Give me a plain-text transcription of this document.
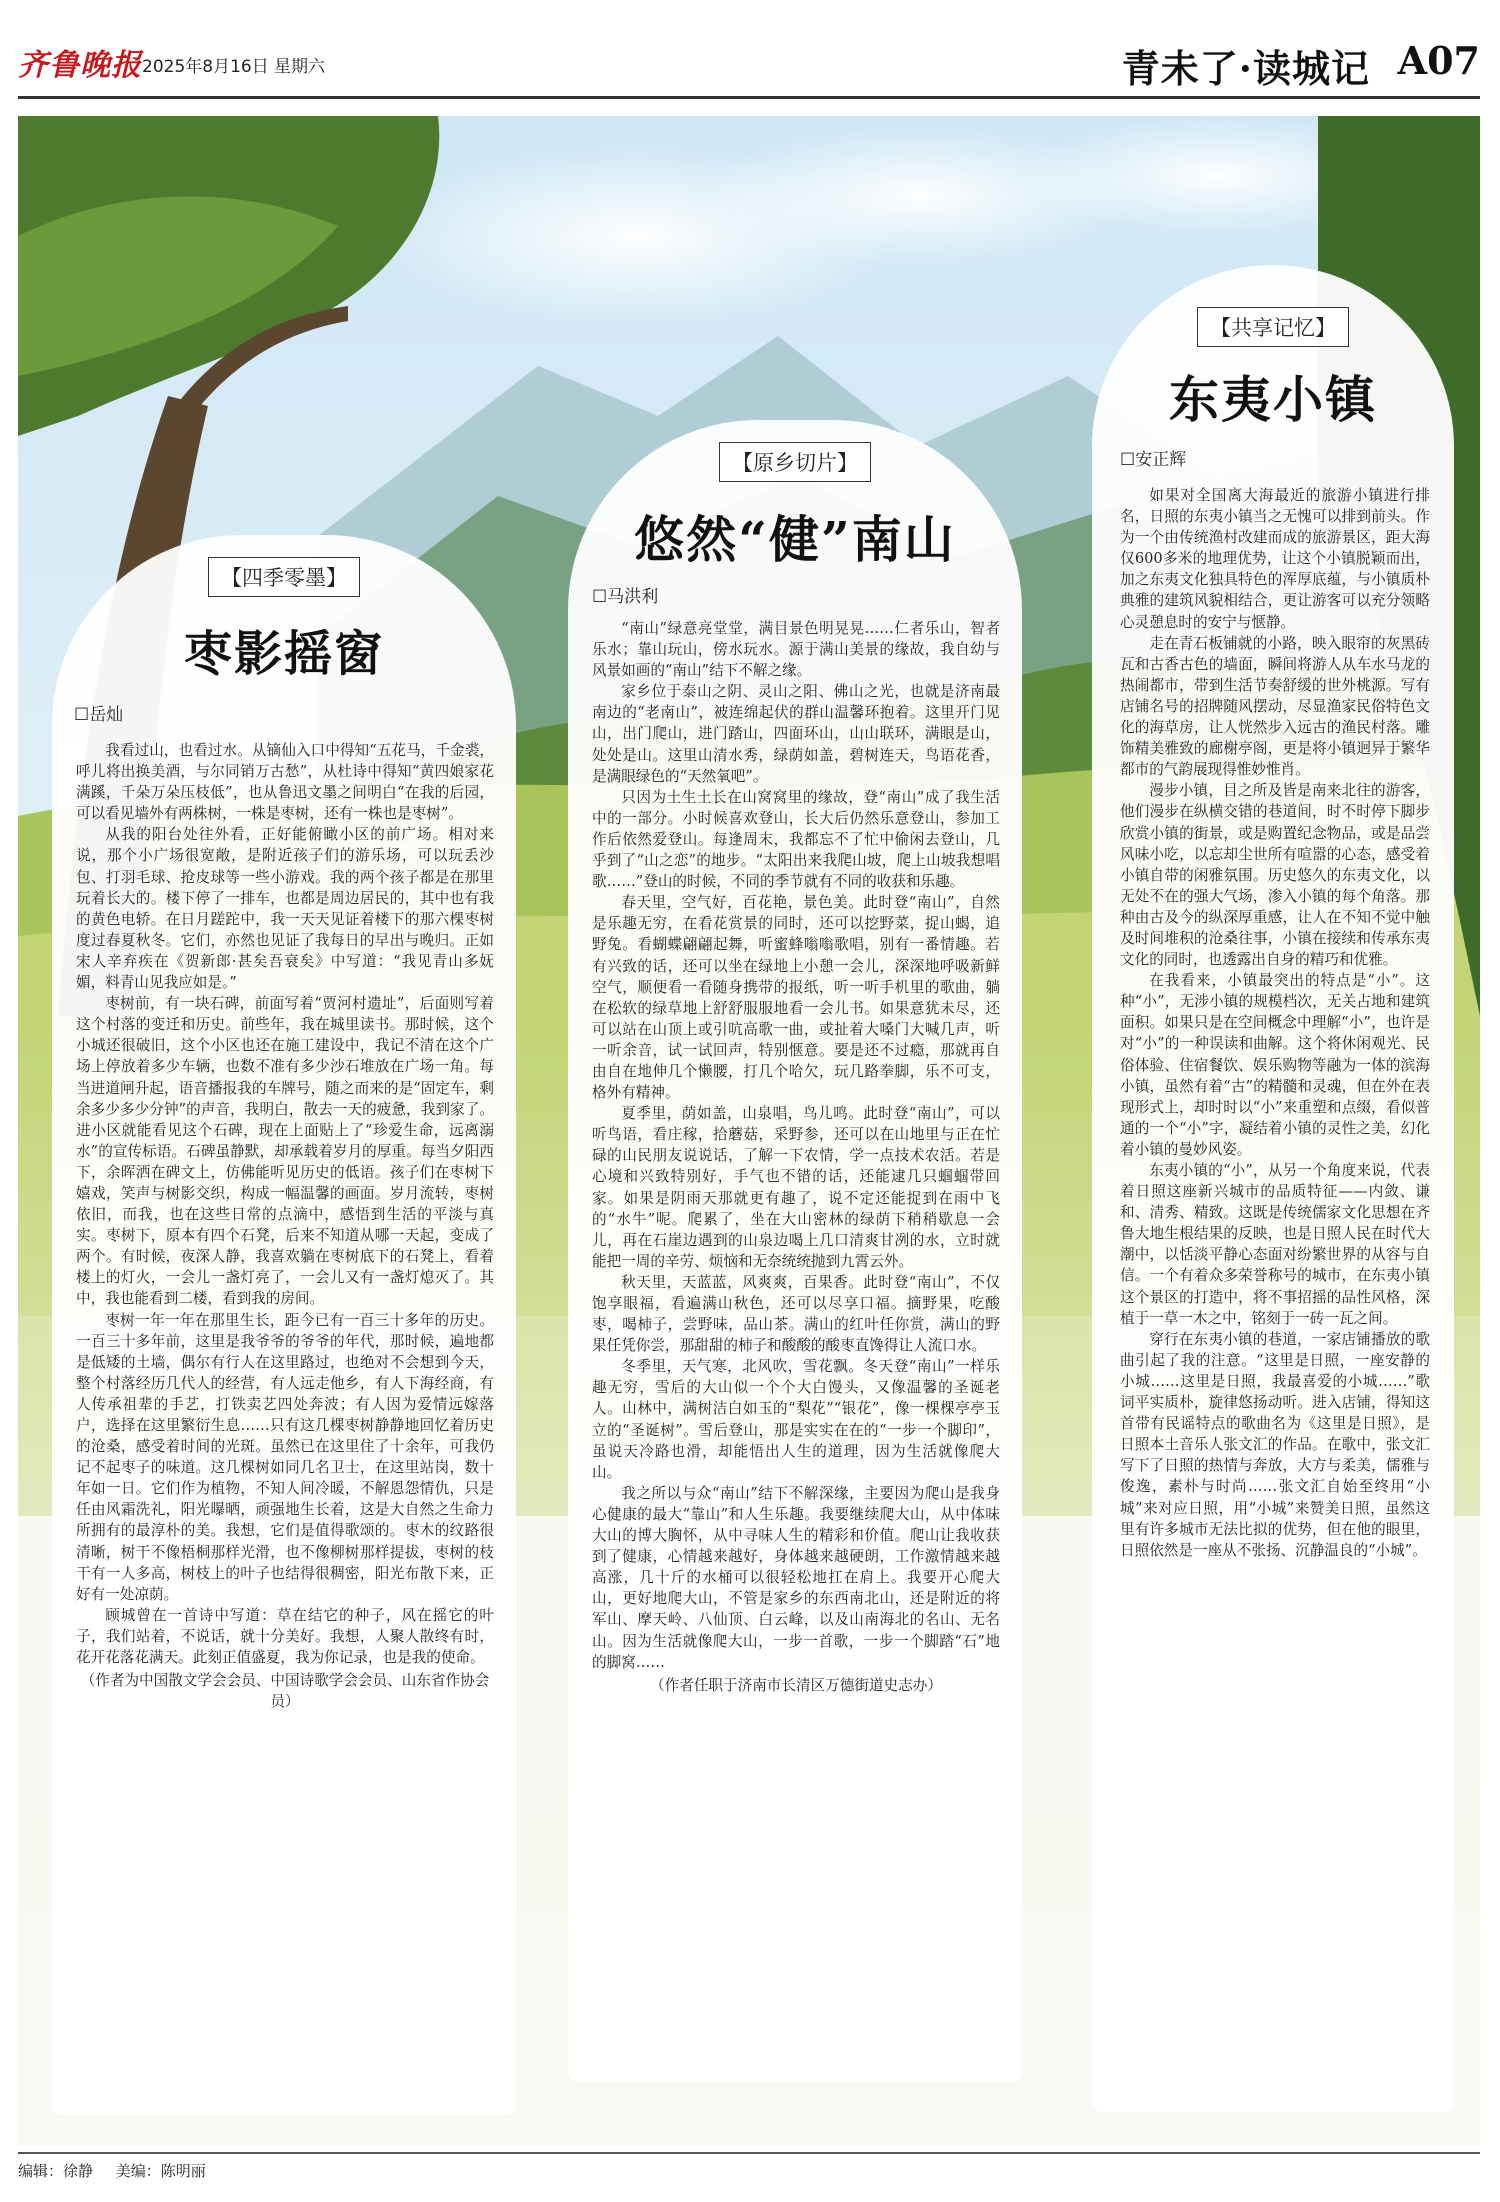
齐鲁晚报 2025年8月16日 星期六	青未了·读城记 A07
【四季零墨】
枣影摇窗
☐岳灿

我看过山，也看过水。从镝仙入口中得知“五花马，千金裘，呼儿将出换美酒，与尔同销万古愁”，从杜诗中得知“黄四娘家花满蹊，千朵万朵压枝低”，也从鲁迅文墨之间明白“在我的后园，可以看见墙外有两株树，一株是枣树，还有一株也是枣树”。

从我的阳台处往外看，正好能俯瞰小区的前广场。相对来说，那个小广场很宽敞，是附近孩子们的游乐场，可以玩丢沙包、打羽毛球、抢皮球等一些小游戏。我的两个孩子都是在那里玩着长大的。楼下停了一排车，也都是周边居民的，其中也有我的黄色电轿。在日月蹉跎中，我一天天见证着楼下的那六棵枣树度过春夏秋冬。它们，亦然也见证了我每日的早出与晚归。正如宋人辛弃疾在《贺新郎·甚矣吾衰矣》中写道：“我见青山多妩媚，料青山见我应如是。”

枣树前，有一块石碑，前面写着“贾河村遗址”，后面则写着这个村落的变迁和历史。前些年，我在城里读书。那时候，这个小城还很破旧，这个小区也还在施工建设中，我记不清在这个广场上停放着多少车辆，也数不准有多少沙石堆放在广场一角。每当进道闸升起，语音播报我的车牌号，随之而来的是“固定车，剩余多少多少分钟”的声音，我明白，散去一天的疲惫，我到家了。进小区就能看见这个石碑，现在上面贴上了“珍爱生命，远离溺水”的宣传标语。石碑虽静默，却承载着岁月的厚重。每当夕阳西下，余晖洒在碑文上，仿佛能听见历史的低语。孩子们在枣树下嬉戏，笑声与树影交织，构成一幅温馨的画面。岁月流转，枣树依旧，而我，也在这些日常的点滴中，感悟到生活的平淡与真实。枣树下，原本有四个石凳，后来不知道从哪一天起，变成了两个。有时候，夜深人静，我喜欢躺在枣树底下的石凳上，看着楼上的灯火，一会儿一盏灯亮了，一会儿又有一盏灯熄灭了。其中，我也能看到二楼，看到我的房间。

枣树一年一年在那里生长，距今已有一百三十多年的历史。一百三十多年前，这里是我爷爷的爷爷的年代，那时候，遍地都是低矮的土墙，偶尔有行人在这里路过，也绝对不会想到今天，整个村落经历几代人的经营，有人远走他乡，有人下海经商，有人传承祖辈的手艺，打铁卖艺四处奔波；有人因为爱情远嫁落户，选择在这里繁衍生息……只有这几棵枣树静静地回忆着历史的沧桑，感受着时间的光斑。虽然已在这里住了十余年，可我仍记不起枣子的味道。这几棵树如同几名卫士，在这里站岗，数十年如一日。它们作为植物，不知人间冷暖，不解恩怨情仇，只是任由风霜洗礼，阳光曝晒，顽强地生长着，这是大自然之生命力所拥有的最淳朴的美。我想，它们是值得歌颂的。枣木的纹路很清晰，树干不像梧桐那样光滑，也不像柳树那样提拔，枣树的枝干有一人多高，树枝上的叶子也结得很稠密，阳光布散下来，正好有一处凉荫。

顾城曾在一首诗中写道：草在结它的种子，风在摇它的叶子，我们站着，不说话，就十分美好。我想，人聚人散终有时，花开花落花满天。此刻正值盛夏，我为你记录，也是我的使命。

（作者为中国散文学会会员、中国诗歌学会会员、山东省作协会员）
【原乡切片】
悠然“健”南山
☐马洪利

“南山”绿意亮堂堂，满目景色明晃晃……仁者乐山，智者乐水；靠山玩山，傍水玩水。源于满山美景的缘故，我自幼与风景如画的“南山”结下不解之缘。

家乡位于泰山之阴、灵山之阳、佛山之光，也就是济南最南边的“老南山”，被连绵起伏的群山温馨环抱着。这里开门见山，出门爬山，进门踏山，四面环山，山山联环，满眼是山，处处是山。这里山清水秀，绿荫如盖，碧树连天，鸟语花香，是满眼绿色的“天然氧吧”。

只因为土生土长在山窝窝里的缘故，登“南山”成了我生活中的一部分。小时候喜欢登山，长大后仍然乐意登山，参加工作后依然爱登山。每逢周末，我都忘不了忙中偷闲去登山，几乎到了“山之恋”的地步。“太阳出来我爬山坡，爬上山坡我想唱歌……”登山的时候，不同的季节就有不同的收获和乐趣。

春天里，空气好，百花艳，景色美。此时登“南山”，自然是乐趣无穷，在看花赏景的同时，还可以挖野菜，捉山蝎，追野兔。看蝴蝶翩翩起舞，听蜜蜂嗡嗡歌唱，别有一番情趣。若有兴致的话，还可以坐在绿地上小憩一会儿，深深地呼吸新鲜空气，顺便看一看随身携带的报纸，听一听手机里的歌曲，躺在松软的绿草地上舒舒服服地看一会儿书。如果意犹未尽，还可以站在山顶上或引吭高歌一曲，或扯着大嗓门大喊几声，听一听余音，试一试回声，特别惬意。要是还不过瘾，那就再自由自在地伸几个懒腰，打几个哈欠，玩几路拳脚，乐不可支，格外有精神。

夏季里，荫如盖，山泉唱，鸟儿鸣。此时登“南山”，可以听鸟语，看庄稼，拾蘑菇，采野参，还可以在山地里与正在忙碌的山民朋友说说话，了解一下农情，学一点技术农活。若是心境和兴致特别好，手气也不错的话，还能逮几只蝈蝈带回家。如果是阴雨天那就更有趣了，说不定还能捉到在雨中飞的“水牛”呢。爬累了，坐在大山密林的绿荫下稍稍歇息一会儿，再在石崖边遇到的山泉边喝上几口清爽甘冽的水，立时就能把一周的辛劳、烦恼和无奈统统抛到九霄云外。

秋天里，天蓝蓝，风爽爽，百果香。此时登“南山”，不仅饱享眼福，看遍满山秋色，还可以尽享口福。摘野果，吃酸枣，喝柿子，尝野味，品山茶。满山的红叶任你赏，满山的野果任凭你尝，那甜甜的柿子和酸酸的酸枣直馋得让人流口水。

冬季里，天气寒，北风吹，雪花飘。冬天登“南山”一样乐趣无穷，雪后的大山似一个个大白馒头，又像温馨的圣诞老人。山林中，满树洁白如玉的“梨花”“银花”，像一棵棵亭亭玉立的“圣诞树”。雪后登山，那是实实在在的“一步一个脚印”，虽说天冷路也滑，却能悟出人生的道理，因为生活就像爬大山。

我之所以与众“南山”结下不解深缘，主要因为爬山是我身心健康的最大“靠山”和人生乐趣。我要继续爬大山，从中体味大山的博大胸怀，从中寻味人生的精彩和价值。爬山让我收获到了健康，心情越来越好，身体越来越硬朗，工作激情越来越高涨，几十斤的水桶可以很轻松地扛在肩上。我要开心爬大山，更好地爬大山，不管是家乡的东西南北山，还是附近的将军山、摩天岭、八仙顶、白云峰，以及山南海北的名山、无名山。因为生活就像爬大山，一步一首歌，一步一个脚踏“石”地的脚窝……

（作者任职于济南市长清区万德街道史志办）
【共享记忆】
东夷小镇
☐安正辉

如果对全国离大海最近的旅游小镇进行排名，日照的东夷小镇当之无愧可以排到前头。作为一个由传统渔村改建而成的旅游景区，距大海仅600多米的地理优势，让这个小镇脱颖而出，加之东夷文化独具特色的浑厚底蕴，与小镇质朴典雅的建筑风貌相结合，更让游客可以充分领略心灵憩息时的安宁与惬静。

走在青石板铺就的小路，映入眼帘的灰黑砖瓦和古香古色的墙面，瞬间将游人从车水马龙的热闹都市，带到生活节奏舒缓的世外桃源。写有店铺名号的招牌随风摆动，尽显渔家民俗特色文化的海草房，让人恍然步入远古的渔民村落。雕饰精美雅致的廊榭亭阁，更是将小镇迥异于繁华都市的气韵展现得惟妙惟肖。

漫步小镇，目之所及皆是南来北往的游客，他们漫步在纵横交错的巷道间，时不时停下脚步欣赏小镇的街景，或是购置纪念物品，或是品尝风味小吃，以忘却尘世所有喧嚣的心态，感受着小镇自带的闲雅氛围。历史悠久的东夷文化，以无处不在的强大气场，渗入小镇的每个角落。那种由古及今的纵深厚重感，让人在不知不觉中触及时间堆积的沧桑往事，小镇在接续和传承东夷文化的同时，也透露出自身的精巧和优雅。

在我看来，小镇最突出的特点是“小”。这种“小”，无涉小镇的规模档次，无关占地和建筑面积。如果只是在空间概念中理解“小”，也许是对“小”的一种误读和曲解。这个将休闲观光、民俗体验、住宿餐饮、娱乐购物等融为一体的滨海小镇，虽然有着“古”的精髓和灵魂，但在外在表现形式上，却时时以“小”来重塑和点缀，看似普通的一个“小”字，凝结着小镇的灵性之美，幻化着小镇的曼妙风姿。

东夷小镇的“小”，从另一个角度来说，代表着日照这座新兴城市的品质特征——内敛、谦和、清秀、精致。这既是传统儒家文化思想在齐鲁大地生根结果的反映，也是日照人民在时代大潮中，以恬淡平静心态面对纷繁世界的从容与自信。一个有着众多荣誉称号的城市，在东夷小镇这个景区的打造中，将不事招摇的品性风格，深植于一草一木之中，铭刻于一砖一瓦之间。

穿行在东夷小镇的巷道，一家店铺播放的歌曲引起了我的注意。“这里是日照，一座安静的小城……这里是日照，我最喜爱的小城……”歌词平实质朴，旋律悠扬动听。进入店铺，得知这首带有民谣特点的歌曲名为《这里是日照》，是日照本土音乐人张文汇的作品。在歌中，张文汇写下了日照的热情与奔放，大方与柔美，儒雅与俊逸，素朴与时尚……张文汇自始至终用“小城”来对应日照，用“小城”来赞美日照，虽然这里有许多城市无法比拟的优势，但在他的眼里，日照依然是一座从不张扬、沉静温良的“小城”。

编辑：徐静 美编：陈明丽
